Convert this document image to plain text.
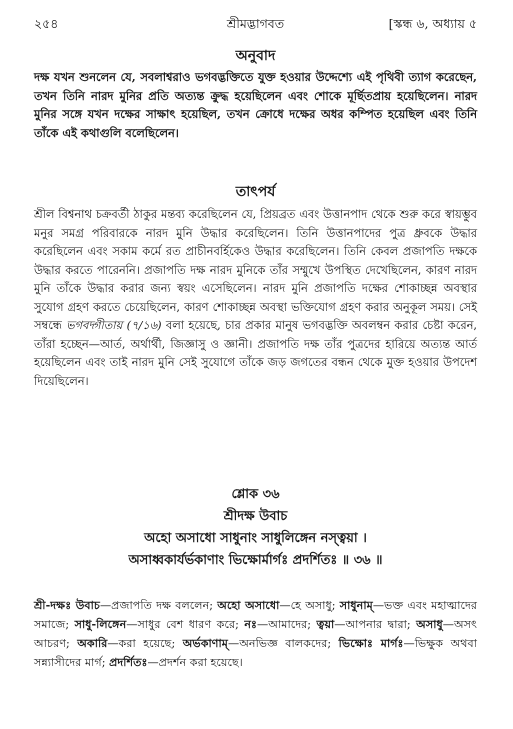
২৫৪	শ্রীমদ্ভাগবত	[স্কন্ধ ৬, অধ্যায় ৫
অনুবাদ
দক্ষ যখন শুনলেন যে, সবলাশ্বরাও ভগবদ্ভক্তিতে যুক্ত হওয়ার উদ্দেশ্যে এই পৃথিবী ত্যাগ করেছেন, তখন তিনি নারদ মুনির প্রতি অত্যন্ত ক্রুদ্ধ হয়েছিলেন এবং শোকে মূর্ছিতপ্রায় হয়েছিলেন। নারদ মুনির সঙ্গে যখন দক্ষের সাক্ষাৎ হয়েছিল, তখন ক্রোধে দক্ষের অধর কম্পিত হয়েছিল এবং তিনি তাঁকে এই কথাগুলি বলেছিলেন।
তাৎপর্য
শ্রীল বিশ্বনাথ চক্রবর্তী ঠাকুর মন্তব্য করেছিলেন যে, প্রিয়ব্রত এবং উত্তানপাদ থেকে শুরু করে স্বায়ম্ভুব মনুর সমগ্র পরিবারকে নারদ মুনি উদ্ধার করেছিলেন। তিনি উত্তানপাদের পুত্র ধ্রুবকে উদ্ধার করেছিলেন এবং সকাম কর্মে রত প্রাচীনবর্হিকেও উদ্ধার করেছিলেন। তিনি কেবল প্রজাপতি দক্ষকে উদ্ধার করতে পারেননি। প্রজাপতি দক্ষ নারদ মুনিকে তাঁর সম্মুখে উপস্থিত দেখেছিলেন, কারণ নারদ মুনি তাঁকে উদ্ধার করার জন্য স্বয়ং এসেছিলেন। নারদ মুনি প্রজাপতি দক্ষের শোকাচ্ছন্ন অবস্থার সুযোগ গ্রহণ করতে চেয়েছিলেন, কারণ শোকাচ্ছন্ন অবস্থা ভক্তিযোগ গ্রহণ করার অনুকূল সময়। সেই সম্বন্ধে ভগবদ্গীতায় (৭/১৬) বলা হয়েছে, চার প্রকার মানুষ ভগবদ্ভক্তি অবলম্বন করার চেষ্টা করেন, তাঁরা হচ্ছেন—আর্ত, অর্থার্থী, জিজ্ঞাসু ও জ্ঞানী। প্রজাপতি দক্ষ তাঁর পুত্রদের হারিয়ে অত্যন্ত আর্ত হয়েছিলেন এবং তাই নারদ মুনি সেই সুযোগে তাঁকে জড় জগতের বন্ধন থেকে মুক্ত হওয়ার উপদেশ দিয়েছিলেন।
শ্লোক ৩৬
শ্রীদক্ষ উবাচ
অহো অসাধো সাধুনাং সাধুলিঙ্গেন নস্ত্বয়া ।
অসাধ্বকার্যর্ভকাণাং ভিক্ষোর্মার্গঃ প্রদর্শিতঃ ॥ ৩৬ ॥
শ্রী-দক্ষঃ উবাচ—প্রজাপতি দক্ষ বললেন; অহো অসাধো—হে অসাধু; সাধুনাম্—ভক্ত এবং মহাত্মাদের সমাজে; সাধু-লিঙ্গেন—সাধুর বেশ ধারণ করে; নঃ—আমাদের; ত্বয়া—আপনার দ্বারা; অসাধু—অসৎ আচরণ; অকারি—করা হয়েছে; অর্ভকাণাম্—অনভিজ্ঞ বালকদের; ভিক্ষোঃ মার্গঃ—ভিক্ষুক অথবা সন্ন্যাসীদের মার্গ; প্রদর্শিতঃ—প্রদর্শন করা হয়েছে।
